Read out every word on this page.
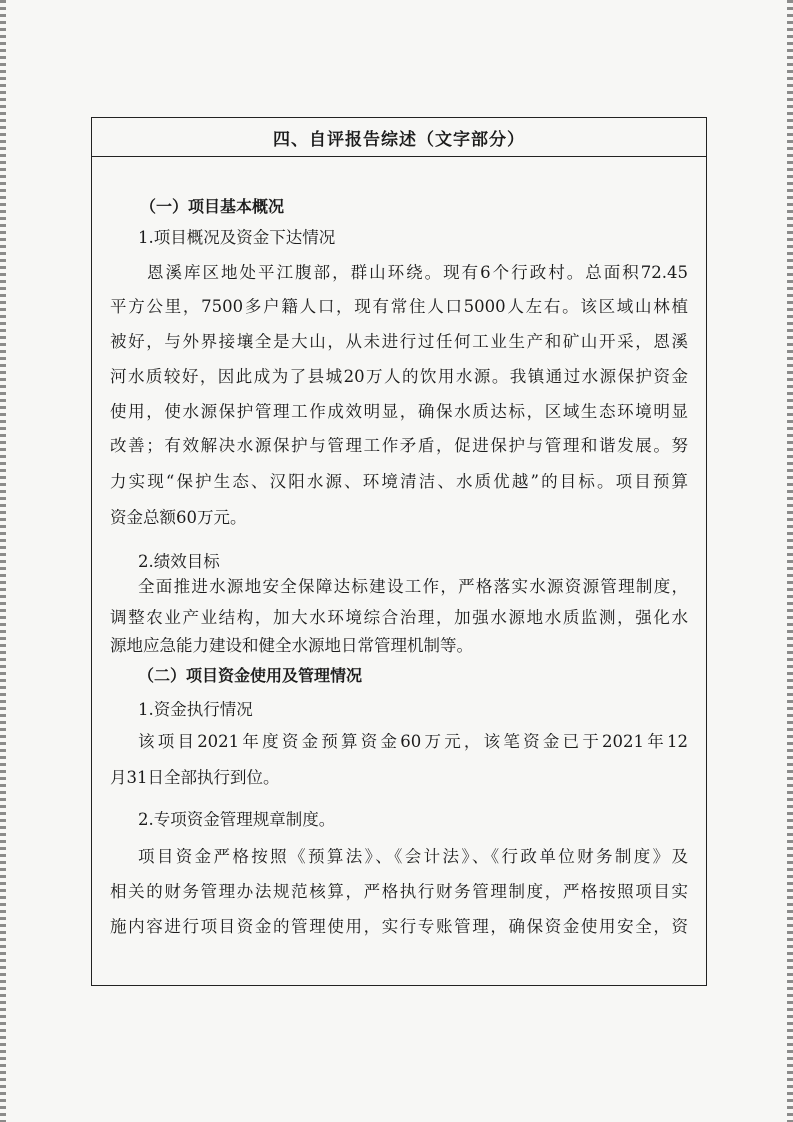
四、自评报告综述（文字部分）
（一）项目基本概况
1.项目概况及资金下达情况
恩溪库区地处平江腹部，群山环绕。现有6个行政村。总面积72.45
平方公里，7500多户籍人口，现有常住人口5000人左右。该区域山林植
被好，与外界接壤全是大山，从未进行过任何工业生产和矿山开采，恩溪
河水质较好，因此成为了县城20万人的饮用水源。我镇通过水源保护资金
使用，使水源保护管理工作成效明显，确保水质达标，区域生态环境明显
改善；有效解决水源保护与管理工作矛盾，促进保护与管理和谐发展。努
力实现“保护生态、汉阳水源、环境清洁、水质优越”的目标。项目预算
资金总额60万元。
2.绩效目标
全面推进水源地安全保障达标建设工作，严格落实水源资源管理制度，
调整农业产业结构，加大水环境综合治理，加强水源地水质监测，强化水
源地应急能力建设和健全水源地日常管理机制等。
（二）项目资金使用及管理情况
1.资金执行情况
该项目2021年度资金预算资金60万元，该笔资金已于2021年12
月31日全部执行到位。
2.专项资金管理规章制度。
项目资金严格按照《预算法》、《会计法》、《行政单位财务制度》及
相关的财务管理办法规范核算，严格执行财务管理制度，严格按照项目实
施内容进行项目资金的管理使用，实行专账管理，确保资金使用安全，资
